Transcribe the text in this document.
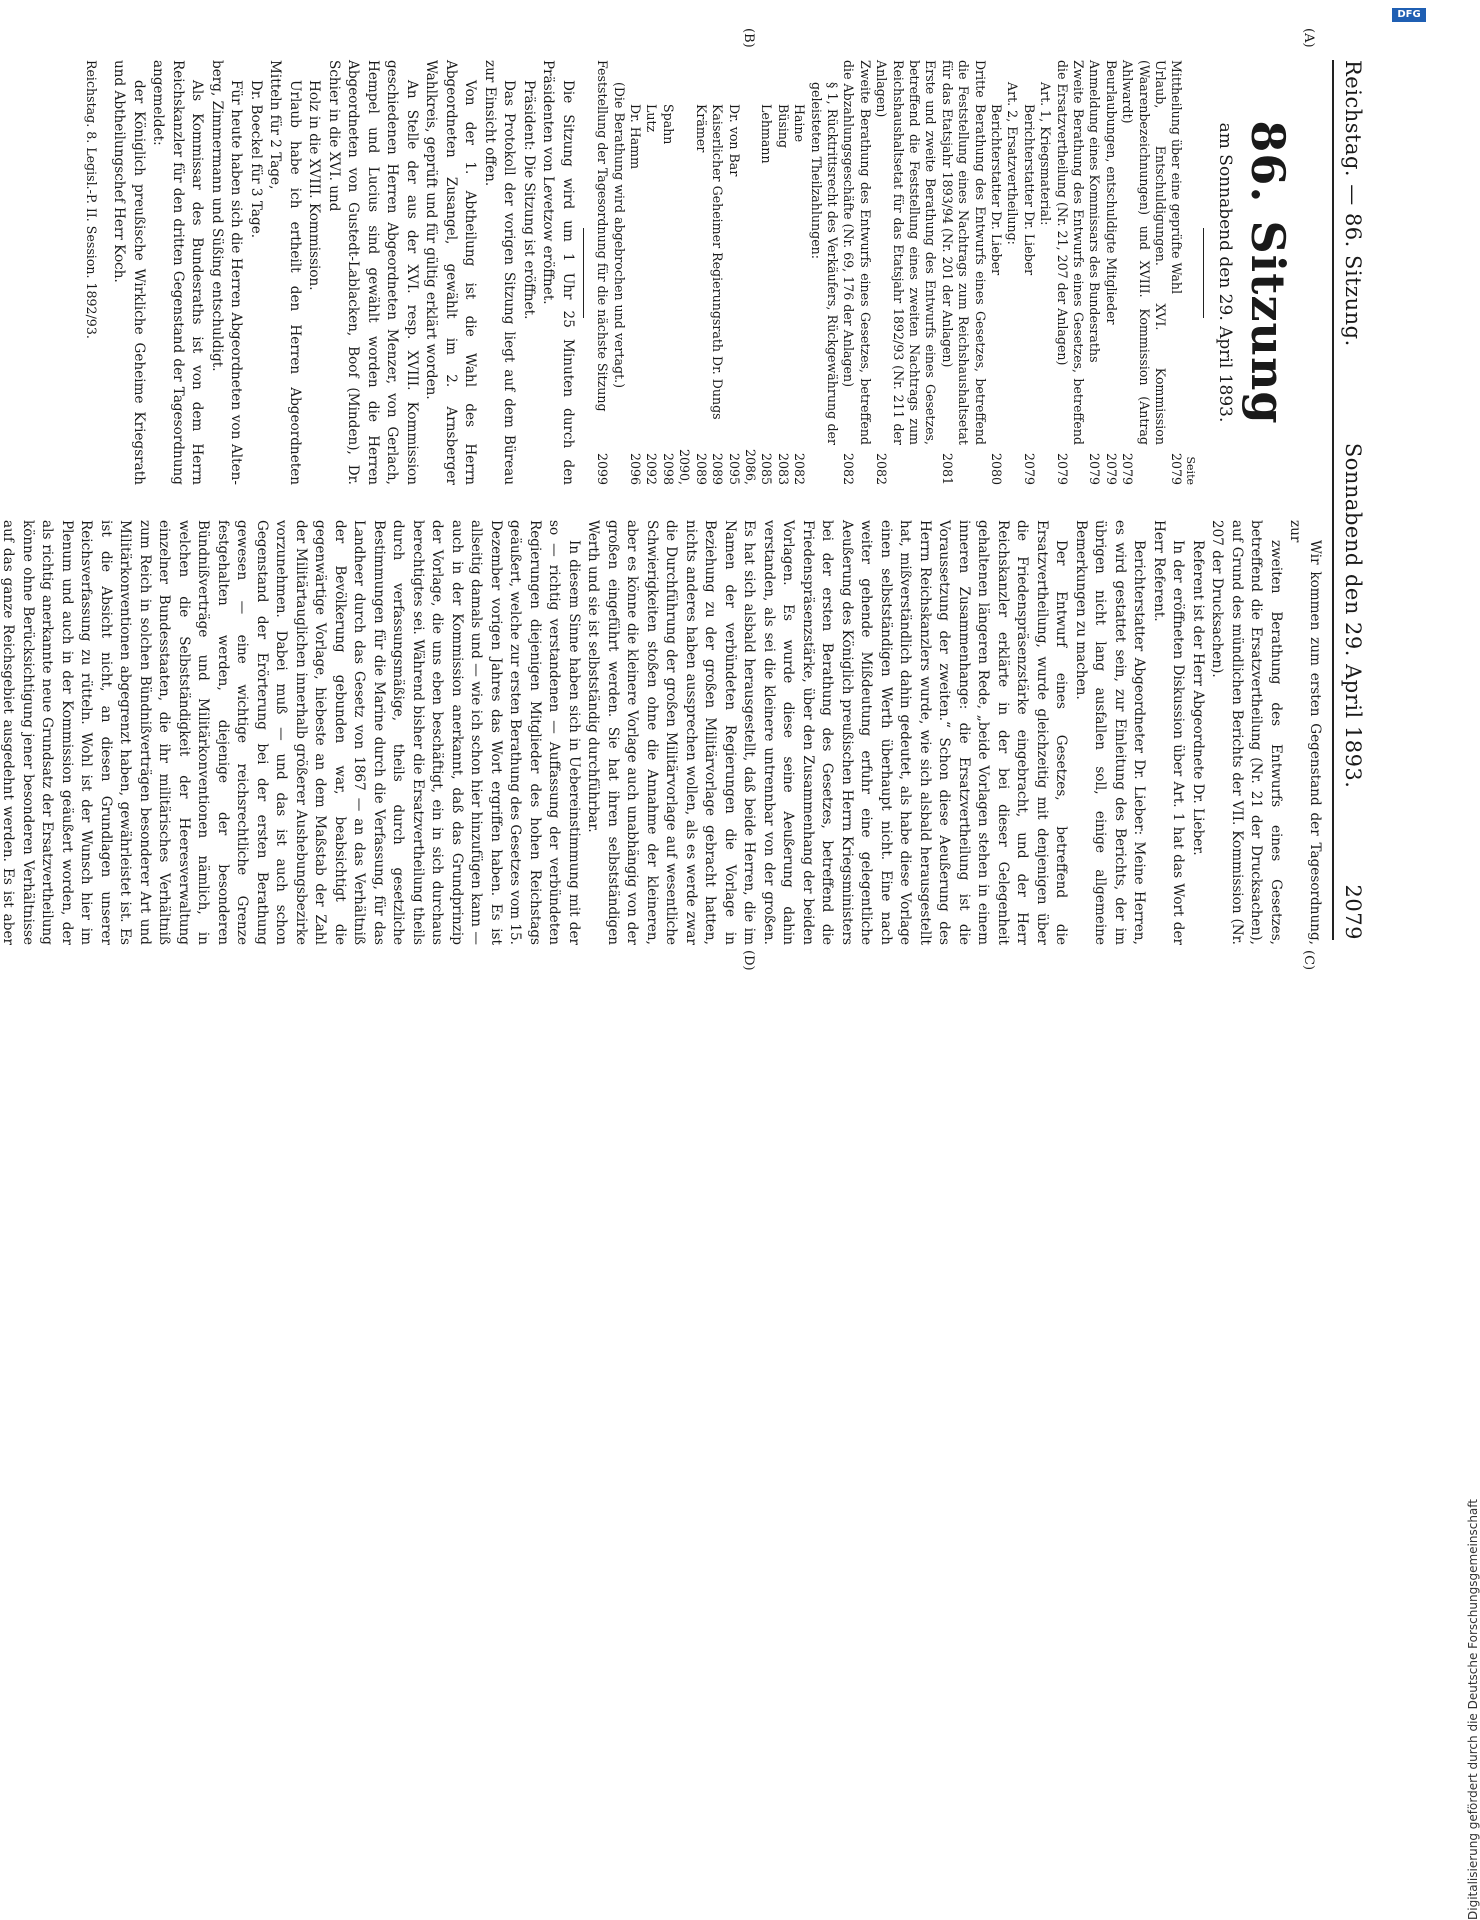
Reichstag. — 86. Sitzung.
Sonnabend den 29. April 1893.
2079
(A)
(B)
(C)
(D)
86. Sitzung
am Sonnabend den 29. April 1893.
Seite
Mittheilung über eine geprüfte Wahl
2079
Urlaub, Entschuldigungen. XVI. Kommission (Waarenbezeichnungen) und XVIII. Kommission (Antrag Ahlwardt)
2079
Beurlaubungen, entschuldigte Mitglieder
2079
Anmeldung eines Kommissars des Bundesraths
2079
Zweite Berathung des Entwurfs eines Gesetzes, betreffend die Ersatzvertheilung (Nr. 21, 207 der Anlagen)
2079
Art. 1, Kriegsmaterial:
Berichterstatter Dr. Lieber
2079
Art. 2, Ersatzvertheilung:
Berichterstatter Dr. Lieber
2080
Dritte Berathung des Entwurfs eines Gesetzes, betreffend die Feststellung eines Nachtrags zum Reichshaushaltsetat für das Etatsjahr 1893/94 (Nr. 201 der Anlagen)
2081
Erste und zweite Berathung des Entwurfs eines Gesetzes, betreffend die Feststellung eines zweiten Nachtrags zum Reichshaushaltsetat für das Etatsjahr 1892/93 (Nr. 211 der Anlagen)
2082
Zweite Berathung des Entwurfs eines Gesetzes, betreffend die Abzahlungsgeschäfte (Nr. 69, 176 der Anlagen)
2082
§ 1, Rücktrittsrecht des Verkäufers, Rückgewährung der geleisteten Theilzahlungen:
Haine
2082
Büsing
2083
Lehmann
2085
Dr. von Bar
2086, 2095
Kaiserlicher Geheimer Regierungsrath Dr. Dungs
2089
Krämer
2089
Spahn
2090, 2098
Lutz
2092
Dr. Hamm
2096
(Die Berathung wird abgebrochen und vertagt.)
Feststellung der Tagesordnung für die nächste Sitzung
2099

Die Sitzung wird um 1 Uhr 25 Minuten durch den Präsidenten von Levetzow eröffnet.

Präsident: Die Sitzung ist eröffnet.

Das Protokoll der vorigen Sitzung liegt auf dem Büreau zur Einsicht offen.

Von der 1. Abtheilung ist die Wahl des Herrn Abgeordneten Zusangel, gewählt im 2. Arnsberger Wahlkreis, geprüft und für gültig erklärt worden.

An Stelle der aus der XVI. resp. XVIII. Kommission geschiedenen Herren Abgeordneten Menzer, von Gerlach, Hempel und Lucius sind gewählt worden die Herren Abgeordneten von Gustedt-Lablacken, Boof (Minden), Dr. Schier in die XVI. und

Holz in die XVIII. Kommission.

Urlaub habe ich ertheilt den Herren Abgeordneten Mitteln für 2 Tage,

Dr. Boeckel für 3 Tage.

Für heute haben sich die Herren Abgeordneten von Alten-berg, Zimmermann und Süßing entschuldigt.

Als Kommissar des Bundesraths ist von dem Herrn Reichskanzler für den dritten Gegenstand der Tagesordnung angemeldet:

der Königlich preußische Wirkliche Geheime Kriegsrath und Abtheilungschef Herr Koch.

Reichstag. 8. Legisl.-P. II. Session. 1892/93.

Wir kommen zum ersten Gegenstand der Tagesordnung, zur

zweiten Berathung des Entwurfs eines Gesetzes, betreffend die Ersatzvertheilung (Nr. 21 der Drucksachen), auf Grund des mündlichen Berichts der VII. Kommission (Nr. 207 der Drucksachen).

Referent ist der Herr Abgeordnete Dr. Lieber.

In der eröffneten Diskussion über Art. 1 hat das Wort der Herr Referent.

Berichterstatter Abgeordneter Dr. Lieber: Meine Herren, es wird gestattet sein, zur Einleitung des Berichts, der im übrigen nicht lang ausfallen soll, einige allgemeine Bemerkungen zu machen.

Der Entwurf eines Gesetzes, betreffend die Ersatzvertheilung, wurde gleichzeitig mit denjenigen über die Friedenspräsenzstärke eingebracht, und der Herr Reichskanzler erklärte in der bei dieser Gelegenheit gehaltenen längeren Rede, „beide Vorlagen stehen in einem inneren Zusammenhange: die Ersatzvertheilung ist die Voraussetzung der zweiten.“ Schon diese Aeußerung des Herrn Reichskanzlers wurde, wie sich alsbald herausgestellt hat, mißverständlich dahin gedeutet, als habe diese Vorlage einen selbstständigen Werth überhaupt nicht. Eine nach weiter gehende Mißdeutung erfuhr eine gelegentliche Aeußerung des Königlich preußischen Herrn Kriegsministers bei der ersten Berathung des Gesetzes, betreffend die Friedenspräsenzstärke, über den Zusammenhang der beiden Vorlagen. Es wurde diese seine Aeußerung dahin verstanden, als sei die kleinere untrennbar von der großen. Es hat sich alsbald herausgestellt, daß beide Herren, die im Namen der verbündeten Regierungen die Vorlage in Beziehung zu der großen Militärvorlage gebracht hatten, nichts anderes haben aussprechen wollen, als es werde zwar die Durchführung der großen Militärvorlage auf wesentliche Schwierigkeiten stoßen ohne die Annahme der kleineren, aber es könne die kleinere Vorlage auch unabhängig von der großen eingeführt werden. Sie hat ihren selbstständigen Werth und sie ist selbstständig durchführbar.

In diesem Sinne haben sich in Uebereinstimmung mit der so — richtig verstandenen — Auffassung der verbündeten Regierungen diejenigen Mitglieder des hohen Reichstags geäußert, welche zur ersten Berathung des Gesetzes vom 15. Dezember vorigen Jahres das Wort ergriffen haben. Es ist allseitig damals und — wie ich schon hier hinzufügen kann — auch in der Kommission anerkannt, daß das Grundprinzip der Vorlage, die uns eben beschäftigt, ein in sich durchaus berechtigtes sei. Während bisher die Ersatzvertheilung theils durch verfassungsmäßige, theils durch gesetzliche Bestimmungen für die Marine durch die Verfassung, für das Landheer durch das Gesetz von 1867 — an das Verhältniß der Bevölkerung gebunden war, beabsichtigt die gegenwärtige Vorlage, hiebeste an dem Maßstab der Zahl der Militärtauglichen innerhalb größerer Aushebungsbezirke vorzunehmen. Dabei muß — und das ist auch schon Gegenstand der Erörterung bei der ersten Berathung gewesen — eine wichtige reichsrechtliche Grenze festgehalten werden, diejenige der besonderen Bündnißverträge und Militärkonventionen nämlich, in welchen die Selbstständigkeit der Heeresverwaltung einzelner Bundesstaaten, die ihr militärisches Verhältniß zum Reich in solchen Bündnißverträgen besonderer Art und Militärkonventionen abgegrenzt haben, gewährleistet ist. Es ist die Absicht nicht, an diesen Grundlagen unserer Reichsverfassung zu rütteln. Wohl ist der Wunsch hier im Plenum und auch in der Kommission geäußert worden, der als richtig anerkannte neue Grundsatz der Ersatzvertheilung könne ohne Berücksichtigung jener besonderen Verhältnisse auf das ganze Reichsgebiet ausgedehnt werden. Es ist aber

DFG
Digitalisierung gefördert durch die Deutsche Forschungsgemeinschaft
